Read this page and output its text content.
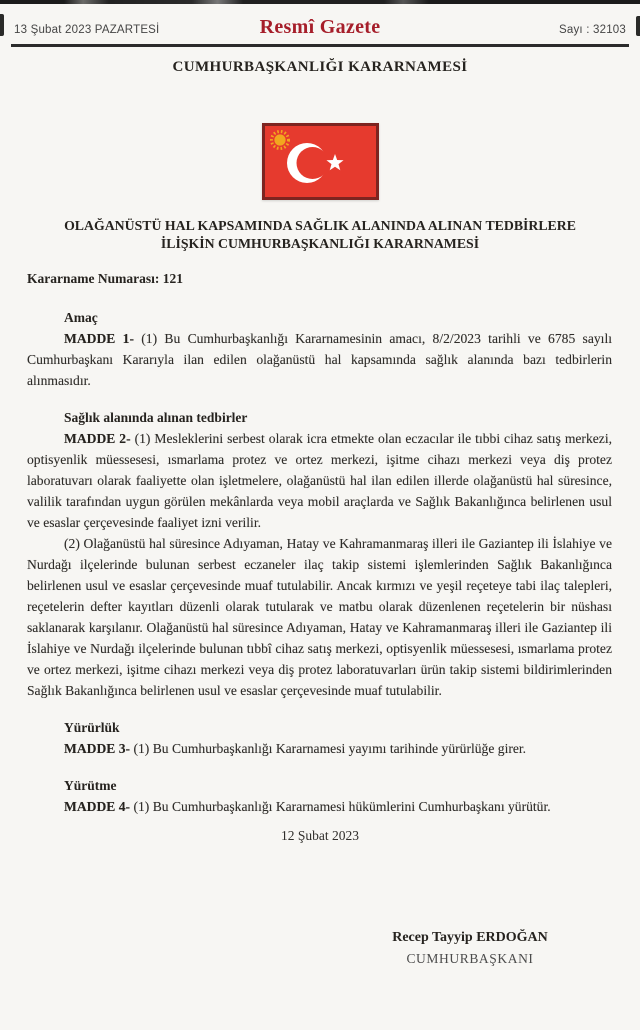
13 Şubat 2023 PAZARTESİ	Resmî Gazete	Sayı : 32103
CUMHURBAŞKANLIĞI KARARNAMESİ
OLAĞANÜSTÜ HAL KAPSAMINDA SAĞLIK ALANINDA ALINAN TEDBİRLERE
İLİŞKİN CUMHURBAŞKANLIĞI KARARNAMESİ
Kararname Numarası: 121
Amaç

MADDE 1- (1) Bu Cumhurbaşkanlığı Kararnamesinin amacı, 8/2/2023 tarihli ve 6785 sayılı Cumhurbaşkanı Kararıyla ilan edilen olağanüstü hal kapsamında sağlık alanında bazı tedbirlerin alınmasıdır.

Sağlık alanında alınan tedbirler

MADDE 2- (1) Mesleklerini serbest olarak icra etmekte olan eczacılar ile tıbbi cihaz satış merkezi, optisyenlik müessesesi, ısmarlama protez ve ortez merkezi, işitme cihazı merkezi veya diş protez laboratuvarı olarak faaliyette olan işletmelere, olağanüstü hal ilan edilen illerde olağanüstü hal süresince, valilik tarafından uygun görülen mekânlarda veya mobil araçlarda ve Sağlık Bakanlığınca belirlenen usul ve esaslar çerçevesinde faaliyet izni verilir.

(2) Olağanüstü hal süresince Adıyaman, Hatay ve Kahramanmaraş illeri ile Gaziantep ili İslahiye ve Nurdağı ilçelerinde bulunan serbest eczaneler ilaç takip sistemi işlemlerinden Sağlık Bakanlığınca belirlenen usul ve esaslar çerçevesinde muaf tutulabilir. Ancak kırmızı ve yeşil reçeteye tabi ilaç talepleri, reçetelerin defter kayıtları düzenli olarak tutularak ve matbu olarak düzenlenen reçetelerin bir nüshası saklanarak karşılanır. Olağanüstü hal süresince Adıyaman, Hatay ve Kahramanmaraş illeri ile Gaziantep ili İslahiye ve Nurdağı ilçelerinde bulunan tıbbî cihaz satış merkezi, optisyenlik müessesesi, ısmarlama protez ve ortez merkezi, işitme cihazı merkezi veya diş protez laboratuvarları ürün takip sistemi bildirimlerinden Sağlık Bakanlığınca belirlenen usul ve esaslar çerçevesinde muaf tutulabilir.

Yürürlük

MADDE 3- (1) Bu Cumhurbaşkanlığı Kararnamesi yayımı tarihinde yürürlüğe girer.

Yürütme

MADDE 4- (1) Bu Cumhurbaşkanlığı Kararnamesi hükümlerini Cumhurbaşkanı yürütür.

12 Şubat 2023
Recep Tayyip ERDOĞAN
CUMHURBAŞKANI
